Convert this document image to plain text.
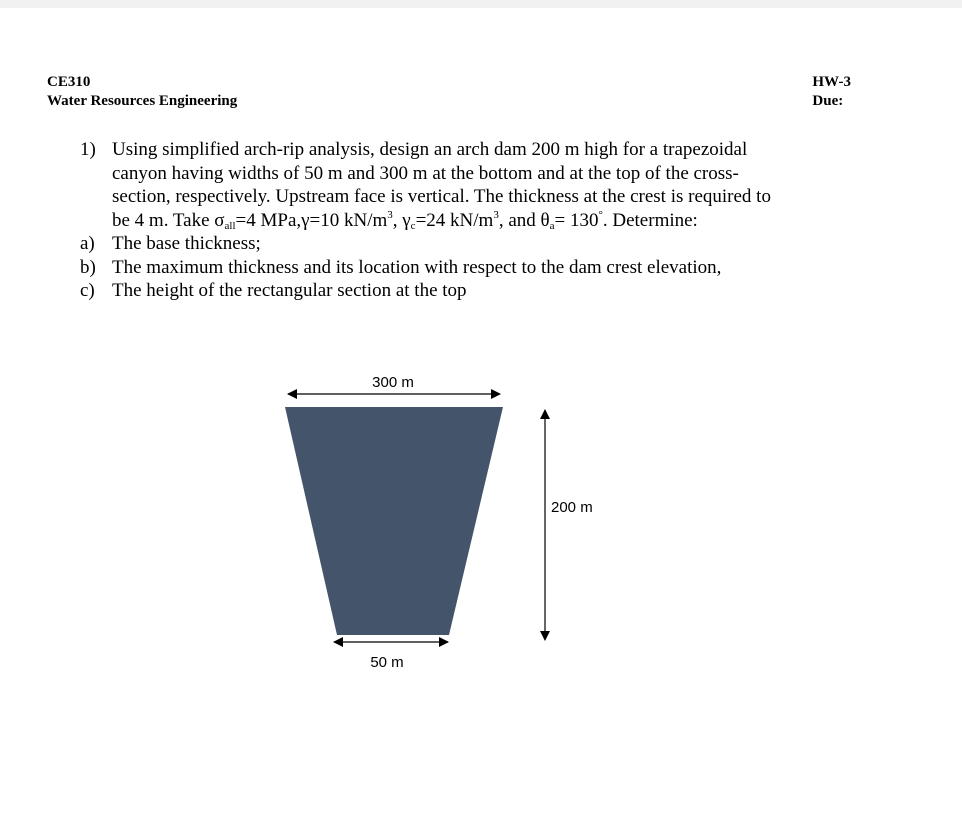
CE310
Water Resources Engineering
HW-3
Due:
1) Using simplified arch-rip analysis, design an arch dam 200 m high for a trapezoidal
canyon having widths of 50 m and 300 m at the bottom and at the top of the cross-
section, respectively. Upstream face is vertical. The thickness at the crest is required to
be 4 m. Take $\sigma_{all}=4$ MPa,γ=10 $kN/m^3$, $\gamma_c=24$ $kN/m^3$, and $\theta_a= 130^\circ$. Determine:
a) The base thickness;
b) The maximum thickness and its location with respect to the dam crest elevation,
c) The height of the rectangular section at the top
300 m
200 m
50 m
